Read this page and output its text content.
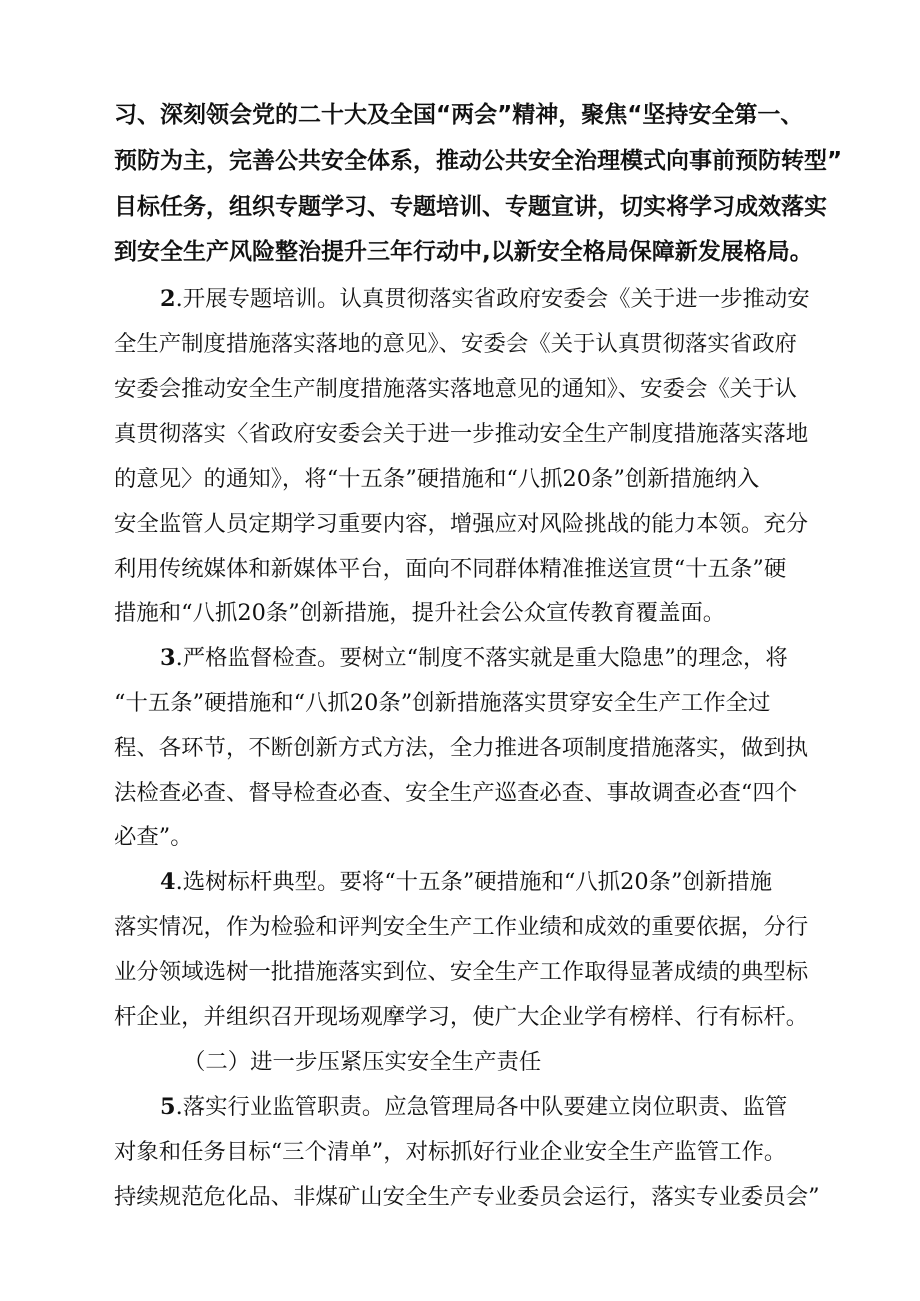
习、深刻领会党的二十大及全国“两会”精神，聚焦“坚持安全第一、
预防为主，完善公共安全体系，推动公共安全治理模式向事前预防转型”
目标任务，组织专题学习、专题培训、专题宣讲，切实将学习成效落实
到安全生产风险整治提升三年行动中,以新安全格局保障新发展格局。
2.开展专题培训。认真贯彻落实省政府安委会《关于进一步推动安
全生产制度措施落实落地的意见》、安委会《关于认真贯彻落实省政府
安委会推动安全生产制度措施落实落地意见的通知》、安委会《关于认
真贯彻落实〈省政府安委会关于进一步推动安全生产制度措施落实落地
的意见〉的通知》，将“十五条”硬措施和“八抓20条”创新措施纳入
安全监管人员定期学习重要内容，增强应对风险挑战的能力本领。充分
利用传统媒体和新媒体平台，面向不同群体精准推送宣贯“十五条”硬
措施和“八抓20条”创新措施，提升社会公众宣传教育覆盖面。
3.严格监督检查。要树立“制度不落实就是重大隐患”的理念，将
“十五条”硬措施和“八抓20条”创新措施落实贯穿安全生产工作全过
程、各环节，不断创新方式方法，全力推进各项制度措施落实，做到执
法检查必查、督导检查必查、安全生产巡查必查、事故调查必查“四个
必查”。
4.选树标杆典型。要将“十五条”硬措施和“八抓20条”创新措施
落实情况，作为检验和评判安全生产工作业绩和成效的重要依据，分行
业分领域选树一批措施落实到位、安全生产工作取得显著成绩的典型标
杆企业，并组织召开现场观摩学习，使广大企业学有榜样、行有标杆。
（二）进一步压紧压实安全生产责任
5.落实行业监管职责。应急管理局各中队要建立岗位职责、监管
对象和任务目标“三个清单”，对标抓好行业企业安全生产监管工作。
持续规范危化品、非煤矿山安全生产专业委员会运行，落实专业委员会”
